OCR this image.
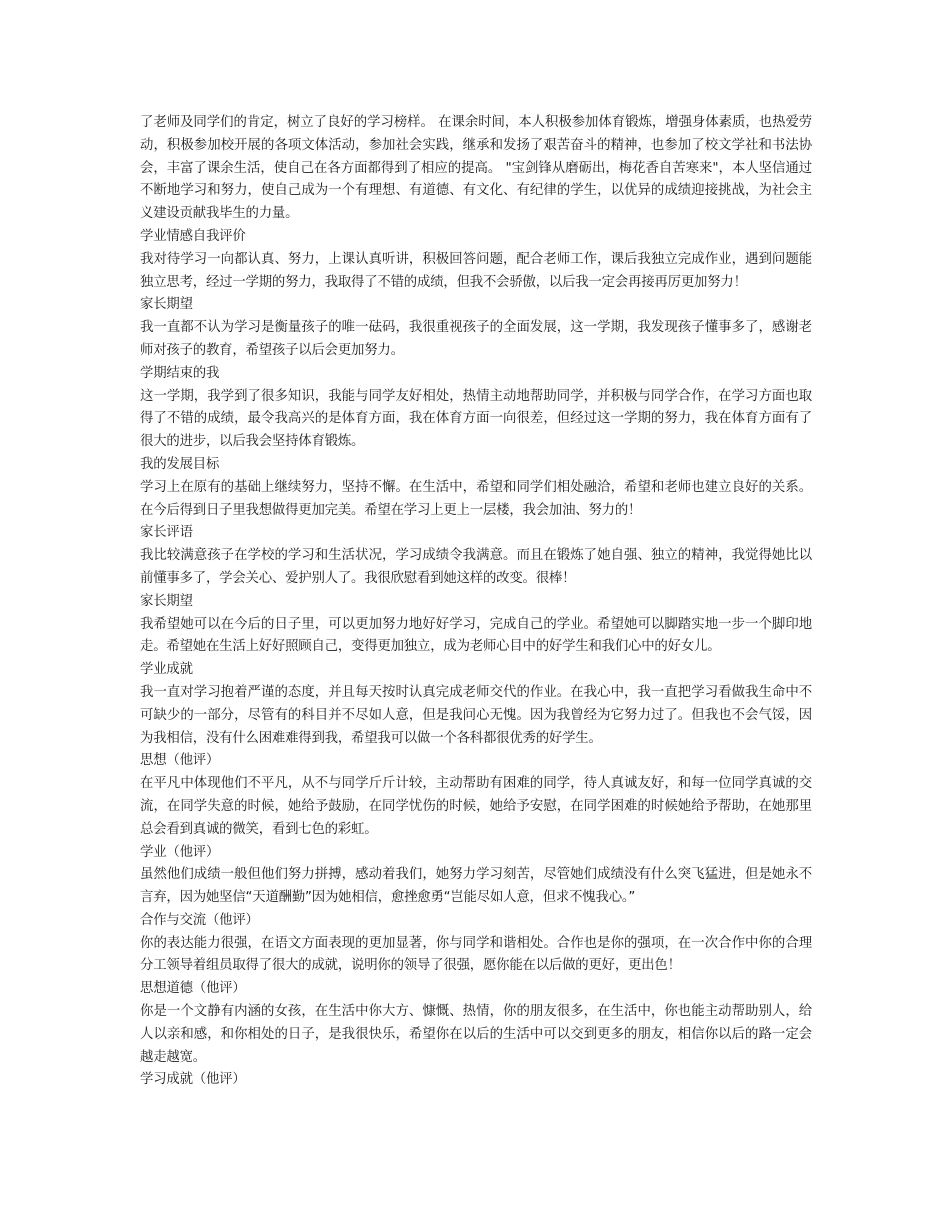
了老师及同学们的肯定，树立了良好的学习榜样。 在课余时间，本人积极参加体育锻炼，增强身体素质，也热爱劳动，积极参加校开展的各项文体活动，参加社会实践，继承和发扬了艰苦奋斗的精神，也参加了校文学社和书法协会，丰富了课余生活，使自己在各方面都得到了相应的提高。 "宝剑锋从磨砺出，梅花香自苦寒来"，本人坚信通过不断地学习和努力，使自己成为一个有理想、有道德、有文化、有纪律的学生，以优异的成绩迎接挑战，为社会主义建设贡献我毕生的力量。

学业情感自我评价

我对待学习一向都认真、努力，上课认真听讲，积极回答问题，配合老师工作，课后我独立完成作业，遇到问题能独立思考，经过一学期的努力，我取得了不错的成绩，但我不会骄傲，以后我一定会再接再厉更加努力！

家长期望

我一直都不认为学习是衡量孩子的唯一砝码，我很重视孩子的全面发展，这一学期，我发现孩子懂事多了，感谢老师对孩子的教育，希望孩子以后会更加努力。

学期结束的我

这一学期，我学到了很多知识，我能与同学友好相处，热情主动地帮助同学，并积极与同学合作，在学习方面也取得了不错的成绩，最令我高兴的是体育方面，我在体育方面一向很差，但经过这一学期的努力，我在体育方面有了很大的进步，以后我会坚持体育锻炼。

我的发展目标

学习上在原有的基础上继续努力，坚持不懈。在生活中，希望和同学们相处融洽，希望和老师也建立良好的关系。在今后得到日子里我想做得更加完美。希望在学习上更上一层楼，我会加油、努力的！

家长评语

我比较满意孩子在学校的学习和生活状况，学习成绩令我满意。而且在锻炼了她自强、独立的精神，我觉得她比以前懂事多了，学会关心、爱护别人了。我很欣慰看到她这样的改变。很棒！

家长期望

我希望她可以在今后的日子里，可以更加努力地好好学习，完成自己的学业。希望她可以脚踏实地一步一个脚印地走。希望她在生活上好好照顾自己，变得更加独立，成为老师心目中的好学生和我们心中的好女儿。

学业成就

我一直对学习抱着严谨的态度，并且每天按时认真完成老师交代的作业。在我心中，我一直把学习看做我生命中不可缺少的一部分，尽管有的科目并不尽如人意，但是我问心无愧。因为我曾经为它努力过了。但我也不会气馁，因为我相信，没有什么困难难得到我，希望我可以做一个各科都很优秀的好学生。

思想（他评）

在平凡中体现他们不平凡，从不与同学斤斤计较，主动帮助有困难的同学，待人真诚友好，和每一位同学真诚的交流，在同学失意的时候，她给予鼓励，在同学忧伤的时候，她给予安慰，在同学困难的时候她给予帮助，在她那里总会看到真诚的微笑，看到七色的彩虹。

学业（他评）

虽然他们成绩一般但他们努力拼搏，感动着我们，她努力学习刻苦，尽管她们成绩没有什么突飞猛进，但是她永不言弃，因为她坚信“天道酬勤”因为她相信，愈挫愈勇“岂能尽如人意，但求不愧我心。”

合作与交流（他评）

你的表达能力很强，在语文方面表现的更加显著，你与同学和谐相处。合作也是你的强项，在一次合作中你的合理分工领导着组员取得了很大的成就，说明你的领导了很强，愿你能在以后做的更好，更出色！

思想道德（他评）

你是一个文静有内涵的女孩，在生活中你大方、慷慨、热情，你的朋友很多，在生活中，你也能主动帮助别人，给人以亲和感，和你相处的日子，是我很快乐，希望你在以后的生活中可以交到更多的朋友，相信你以后的路一定会越走越宽。

学习成就（他评）
